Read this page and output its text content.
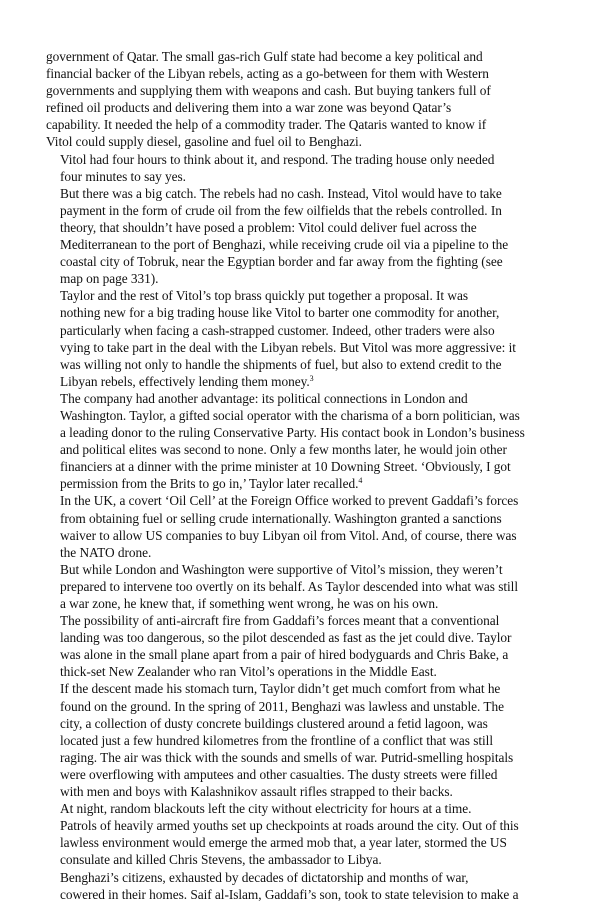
government of Qatar. The small gas-rich Gulf state had become a key political and
financial backer of the Libyan rebels, acting as a go-between for them with Western
governments and supplying them with weapons and cash. But buying tankers full of
refined oil products and delivering them into a war zone was beyond Qatar’s
capability. It needed the help of a commodity trader. The Qataris wanted to know if
Vitol could supply diesel, gasoline and fuel oil to Benghazi.

Vitol had four hours to think about it, and respond. The trading house only needed
four minutes to say yes.

But there was a big catch. The rebels had no cash. Instead, Vitol would have to take
payment in the form of crude oil from the few oilfields that the rebels controlled. In
theory, that shouldn’t have posed a problem: Vitol could deliver fuel across the
Mediterranean to the port of Benghazi, while receiving crude oil via a pipeline to the
coastal city of Tobruk, near the Egyptian border and far away from the fighting (see
map on page 331).

Taylor and the rest of Vitol’s top brass quickly put together a proposal. It was
nothing new for a big trading house like Vitol to barter one commodity for another,
particularly when facing a cash-strapped customer. Indeed, other traders were also
vying to take part in the deal with the Libyan rebels. But Vitol was more aggressive: it
was willing not only to handle the shipments of fuel, but also to extend credit to the
Libyan rebels, effectively lending them money.$^3$

The company had another advantage: its political connections in London and
Washington. Taylor, a gifted social operator with the charisma of a born politician, was
a leading donor to the ruling Conservative Party. His contact book in London’s business
and political elites was second to none. Only a few months later, he would join other
financiers at a dinner with the prime minister at 10 Downing Street. ‘Obviously, I got
permission from the Brits to go in,’ Taylor later recalled.$^4$

In the UK, a covert ‘Oil Cell’ at the Foreign Office worked to prevent Gaddafi’s forces
from obtaining fuel or selling crude internationally. Washington granted a sanctions
waiver to allow US companies to buy Libyan oil from Vitol. And, of course, there was
the NATO drone.

But while London and Washington were supportive of Vitol’s mission, they weren’t
prepared to intervene too overtly on its behalf. As Taylor descended into what was still
a war zone, he knew that, if something went wrong, he was on his own.

The possibility of anti-aircraft fire from Gaddafi’s forces meant that a conventional
landing was too dangerous, so the pilot descended as fast as the jet could dive. Taylor
was alone in the small plane apart from a pair of hired bodyguards and Chris Bake, a
thick-set New Zealander who ran Vitol’s operations in the Middle East.

If the descent made his stomach turn, Taylor didn’t get much comfort from what he
found on the ground. In the spring of 2011, Benghazi was lawless and unstable. The
city, a collection of dusty concrete buildings clustered around a fetid lagoon, was
located just a few hundred kilometres from the frontline of a conflict that was still
raging. The air was thick with the sounds and smells of war. Putrid-smelling hospitals
were overflowing with amputees and other casualties. The dusty streets were filled
with men and boys with Kalashnikov assault rifles strapped to their backs.

At night, random blackouts left the city without electricity for hours at a time.
Patrols of heavily armed youths set up checkpoints at roads around the city. Out of this
lawless environment would emerge the armed mob that, a year later, stormed the US
consulate and killed Chris Stevens, the ambassador to Libya.

Benghazi’s citizens, exhausted by decades of dictatorship and months of war,
cowered in their homes. Saif al-Islam, Gaddafi’s son, took to state television to make a
